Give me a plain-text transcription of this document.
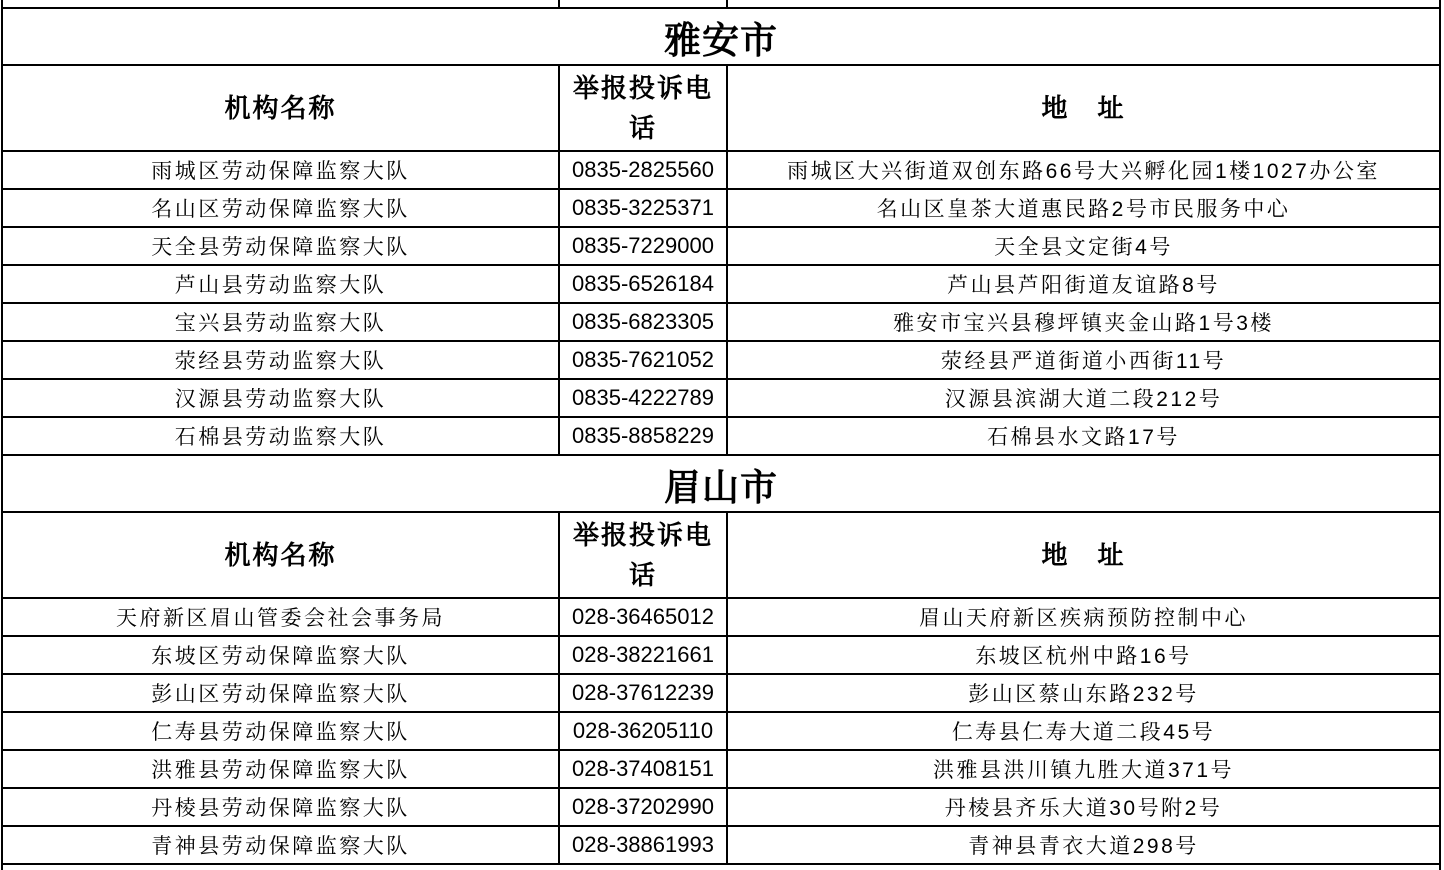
雅安市		
机构名称	举报投诉电话	地　址
雨城区劳动保障监察大队	0835-2825560	雨城区大兴街道双创东路66号大兴孵化园1楼1027办公室
名山区劳动保障监察大队	0835-3225371	名山区皇茶大道惠民路2号市民服务中心
天全县劳动保障监察大队	0835-7229000	天全县文定街4号
芦山县劳动监察大队	0835-6526184	芦山县芦阳街道友谊路8号
宝兴县劳动监察大队	0835-6823305	雅安市宝兴县穆坪镇夹金山路1号3楼
荥经县劳动监察大队	0835-7621052	荥经县严道街道小西街11号
汉源县劳动监察大队	0835-4222789	汉源县滨湖大道二段212号
石棉县劳动监察大队	0835-8858229	石棉县水文路17号
眉山市		
机构名称	举报投诉电话	地　址
天府新区眉山管委会社会事务局	028-36465012	眉山天府新区疾病预防控制中心
东坡区劳动保障监察大队	028-38221661	东坡区杭州中路16号
彭山区劳动保障监察大队	028-37612239	彭山区蔡山东路232号
仁寿县劳动保障监察大队	028-36205110	仁寿县仁寿大道二段45号
洪雅县劳动保障监察大队	028-37408151	洪雅县洪川镇九胜大道371号
丹棱县劳动保障监察大队	028-37202990	丹棱县齐乐大道30号附2号
青神县劳动保障监察大队	028-38861993	青神县青衣大道298号
